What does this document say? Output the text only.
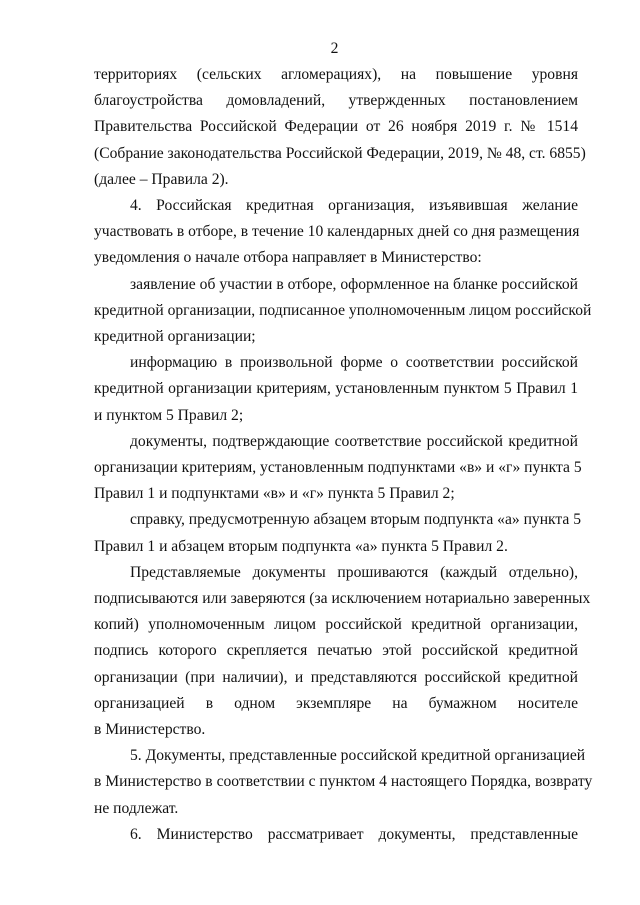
2
территориях (сельских агломерациях), на повышение уровня
благоустройства домовладений, утвержденных постановлением
Правительства Российской Федерации от 26 ноября 2019 г. № 1514
(Собрание законодательства Российской Федерации, 2019, № 48, ст. 6855)
(далее – Правила 2).
4. Российская кредитная организация, изъявившая желание
участвовать в отборе, в течение 10 календарных дней со дня размещения
уведомления о начале отбора направляет в Министерство:
заявление об участии в отборе, оформленное на бланке российской
кредитной организации, подписанное уполномоченным лицом российской
кредитной организации;
информацию в произвольной форме о соответствии российской
кредитной организации критериям, установленным пунктом 5 Правил 1
и пунктом 5 Правил 2;
документы, подтверждающие соответствие российской кредитной
организации критериям, установленным подпунктами «в» и «г» пункта 5
Правил 1 и подпунктами «в» и «г» пункта 5 Правил 2;
справку, предусмотренную абзацем вторым подпункта «а» пункта 5
Правил 1 и абзацем вторым подпункта «а» пункта 5 Правил 2.
Представляемые документы прошиваются (каждый отдельно),
подписываются или заверяются (за исключением нотариально заверенных
копий) уполномоченным лицом российской кредитной организации,
подпись которого скрепляется печатью этой российской кредитной
организации (при наличии), и представляются российской кредитной
организацией в одном экземпляре на бумажном носителе
в Министерство.
5. Документы, представленные российской кредитной организацией
в Министерство в соответствии с пунктом 4 настоящего Порядка, возврату
не подлежат.
6. Министерство рассматривает документы, представленные
